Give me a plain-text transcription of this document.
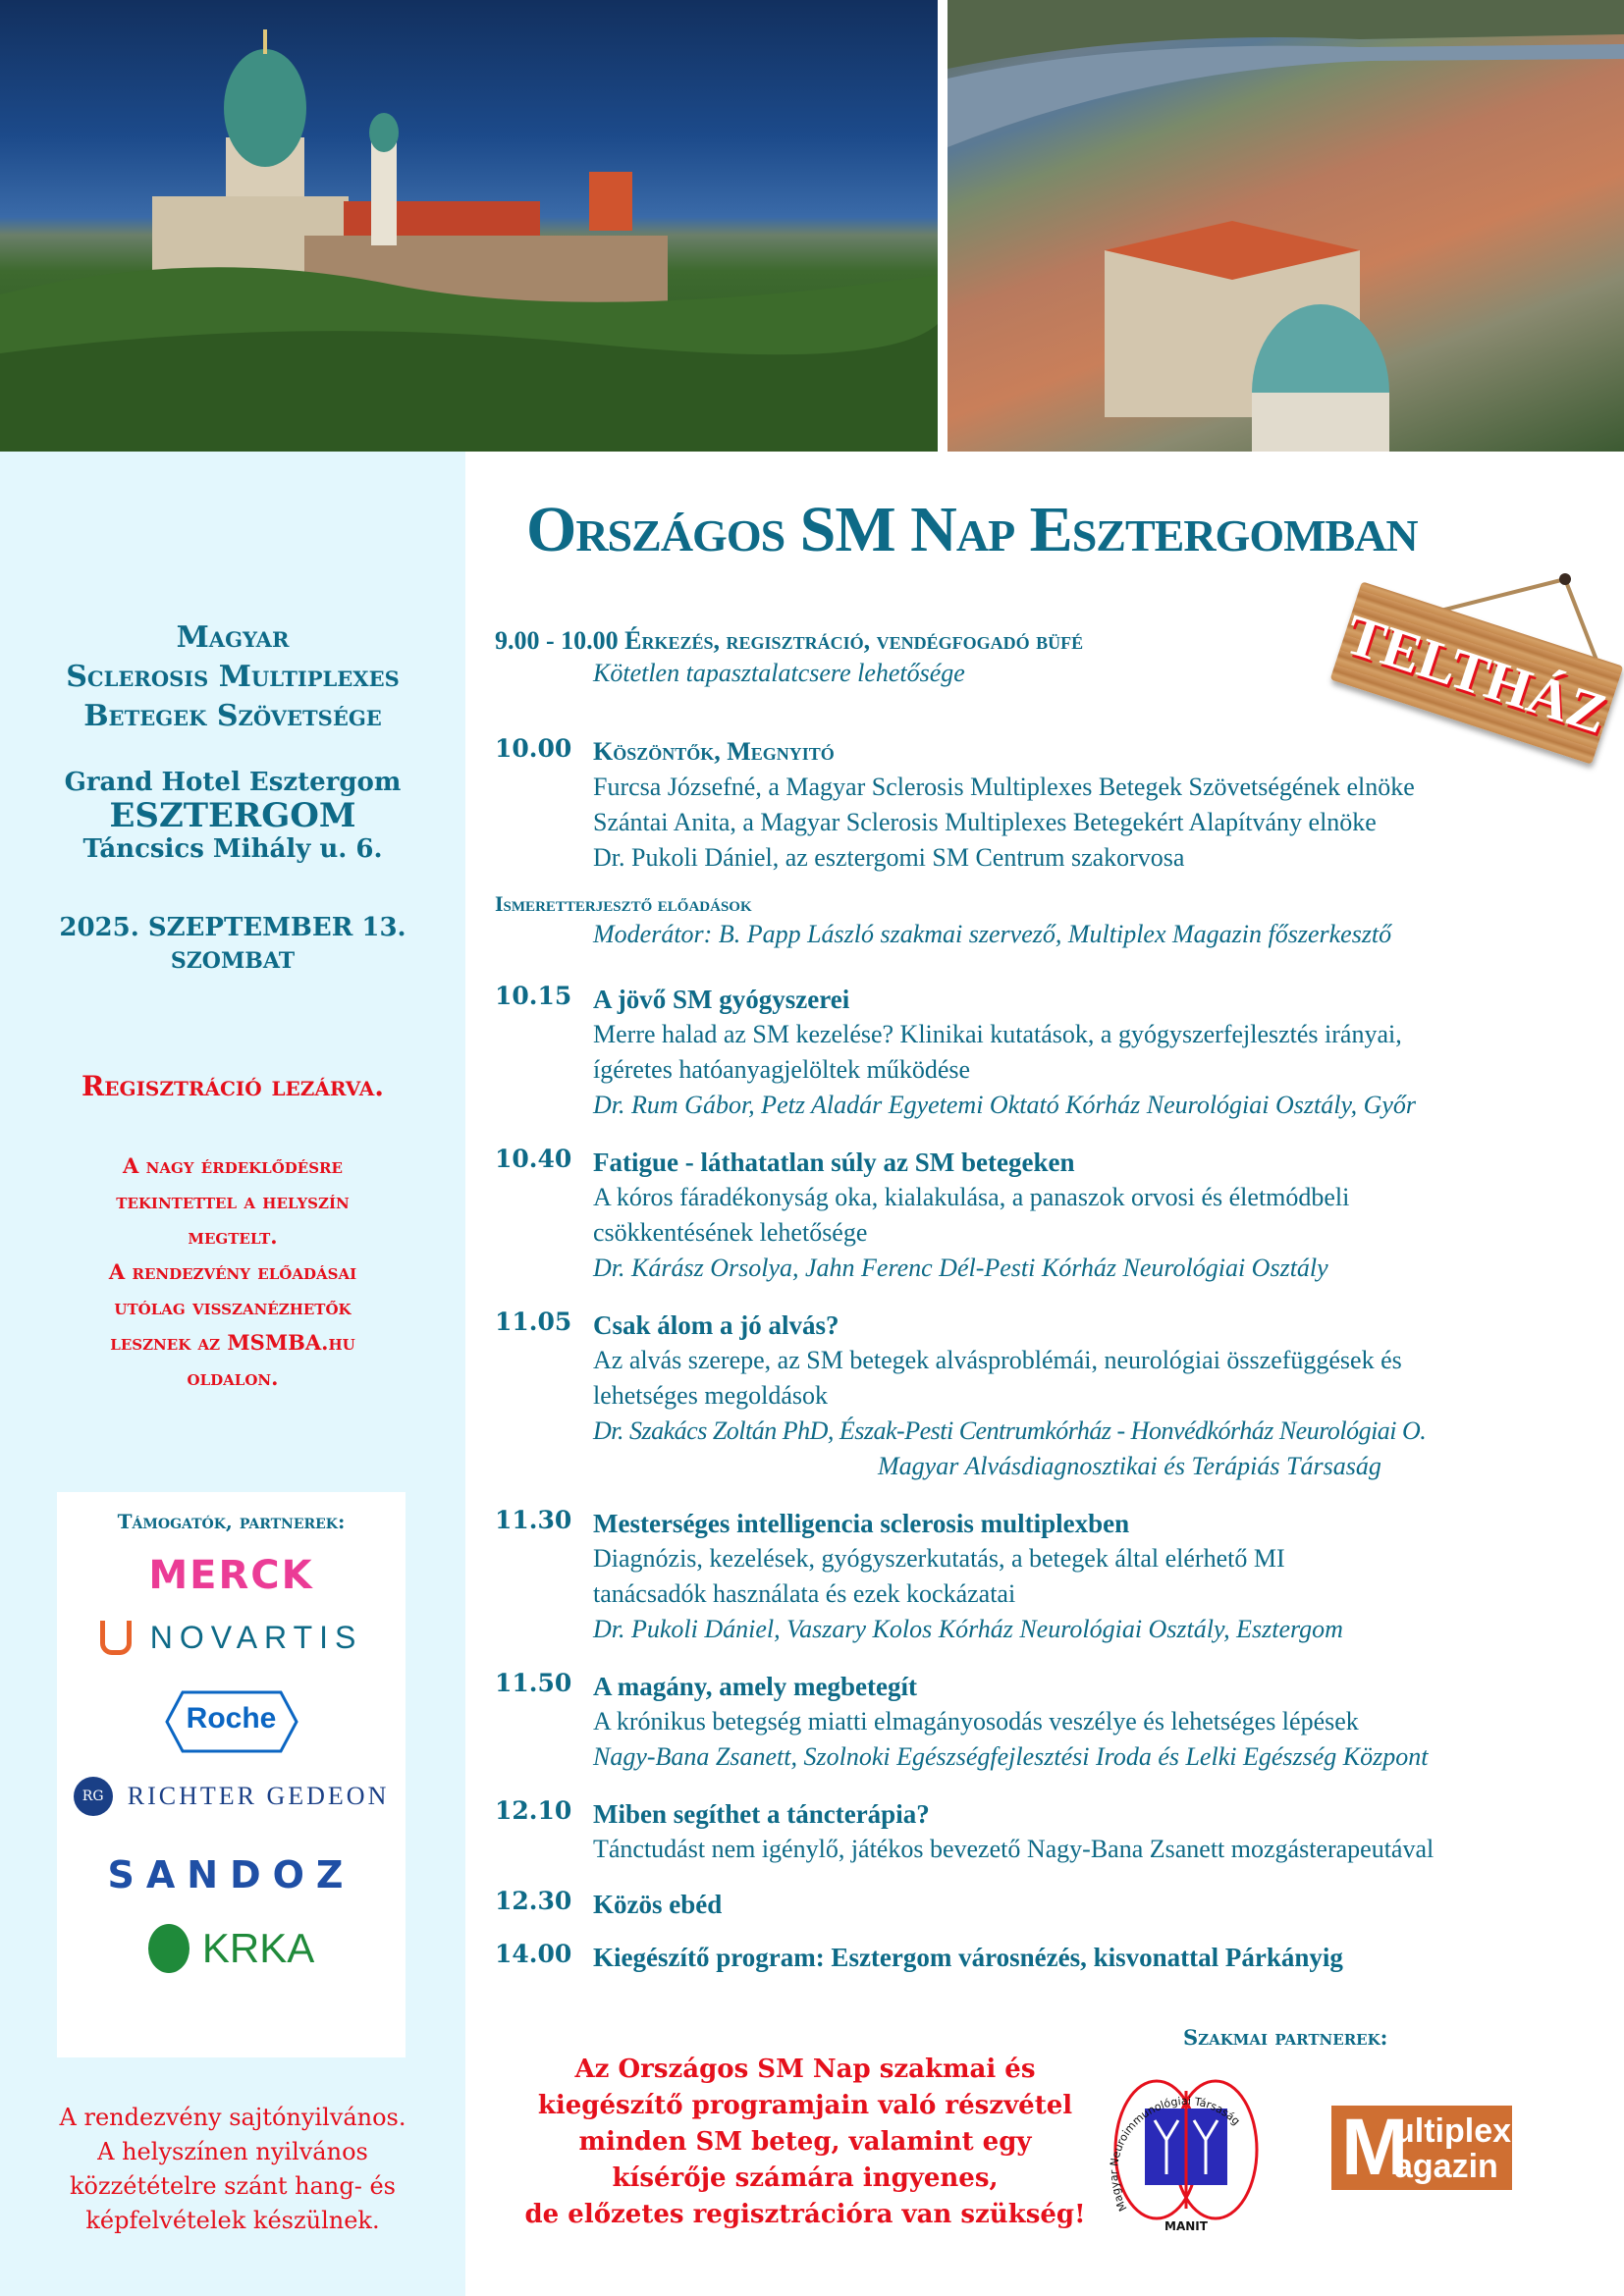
Magyar
Sclerosis Multiplexes
Betegek Szövetsége
Grand Hotel Esztergom
ESZTERGOM
Táncsics Mihály u. 6.
2025. SZEPTEMBER 13.
SZOMBAT
Regisztráció lezárva.
A nagy érdeklődésre
tekintettel a helyszín
megtelt.
A rendezvény előadásai
utólag visszanézhetők
lesznek az MSMBA.hu
oldalon.
Támogatók, partnerek:
MERCK
NOVARTIS
Roche
RG RICHTER GEDEON
SANDOZ
KRKA
A rendezvény sajtónyilvános.
A helyszínen nyilvános
közzétételre szánt hang- és
képfelvételek készülnek.
Országos SM Nap Esztergomban
TELTHÁZ
9.00 - 10.00 Érkezés, regisztráció, vendégfogadó büfé
Kötetlen tapasztalatcsere lehetősége
10.00 Köszöntők, Megnyitó
Furcsa Józsefné, a Magyar Sclerosis Multiplexes Betegek Szövetségének elnöke
Szántai Anita, a Magyar Sclerosis Multiplexes Betegekért Alapítvány elnöke
Dr. Pukoli Dániel, az esztergomi SM Centrum szakorvosa
Ismeretterjesztő előadások
Moderátor: B. Papp László szakmai szervező, Multiplex Magazin főszerkesztő
10.15 A jövő SM gyógyszerei
Merre halad az SM kezelése? Klinikai kutatások, a gyógyszerfejlesztés irányai,
ígéretes hatóanyagjelöltek működése
Dr. Rum Gábor, Petz Aladár Egyetemi Oktató Kórház Neurológiai Osztály, Győr
10.40 Fatigue - láthatatlan súly az SM betegeken
A kóros fáradékonyság oka, kialakulása, a panaszok orvosi és életmódbeli
csökkentésének lehetősége
Dr. Kárász Orsolya, Jahn Ferenc Dél-Pesti Kórház Neurológiai Osztály
11.05 Csak álom a jó alvás?
Az alvás szerepe, az SM betegek alvásproblémái, neurológiai összefüggések és
lehetséges megoldások
Dr. Szakács Zoltán PhD, Észak-Pesti Centrumkórház - Honvédkórház Neurológiai O.
Magyar Alvásdiagnosztikai és Terápiás Társaság
11.30 Mesterséges intelligencia sclerosis multiplexben
Diagnózis, kezelések, gyógyszerkutatás, a betegek által elérhető MI
tanácsadók használata és ezek kockázatai
Dr. Pukoli Dániel, Vaszary Kolos Kórház Neurológiai Osztály, Esztergom
11.50 A magány, amely megbetegít
A krónikus betegség miatti elmagányosodás veszélye és lehetséges lépések
Nagy-Bana Zsanett, Szolnoki Egészségfejlesztési Iroda és Lelki Egészség Központ
12.10 Miben segíthet a táncterápia?
Tánctudást nem igénylő, játékos bevezető Nagy-Bana Zsanett mozgásterapeutával
12.30 Közös ebéd
14.00 Kiegészítő program: Esztergom városnézés, kisvonattal Párkányig
Az Országos SM Nap szakmai és
kiegészítő programjain való részvétel
minden SM beteg, valamint egy
kísérője számára ingyenes,
de előzetes regisztrációra van szükség!
Szakmai partnerek:
Magyar Neuroimmunológiai Társaság
MANIT
M
ultiplex
agazin
